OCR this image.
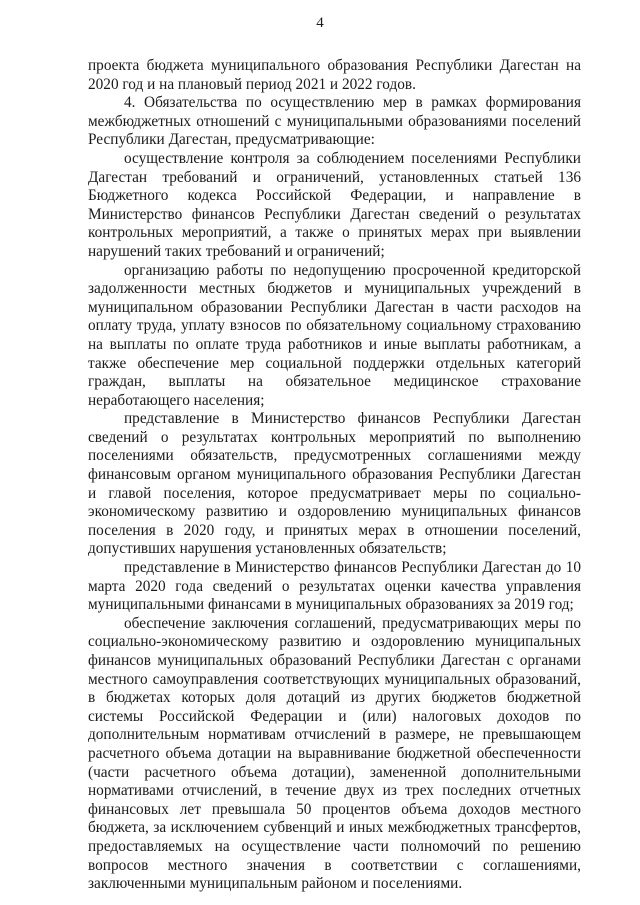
4

проекта бюджета муниципального образования Республики Дагестан на 2020 год и на плановый период 2021 и 2022 годов.

4. Обязательства по осуществлению мер в рамках формирования межбюджетных отношений с муниципальными образованиями поселений Республики Дагестан, предусматривающие:

осуществление контроля за соблюдением поселениями Республики Дагестан требований и ограничений, установленных статьей 136 Бюджетного кодекса Российской Федерации, и направление в Министерство финансов Республики Дагестан сведений о результатах контрольных мероприятий, а также о принятых мерах при выявлении нарушений таких требований и ограничений;

организацию работы по недопущению просроченной кредиторской задолженности местных бюджетов и муниципальных учреждений в муниципальном образовании Республики Дагестан в части расходов на оплату труда, уплату взносов по обязательному социальному страхованию на выплаты по оплате труда работников и иные выплаты работникам, а также обеспечение мер социальной поддержки отдельных категорий граждан, выплаты на обязательное медицинское страхование неработающего населения;

представление в Министерство финансов Республики Дагестан сведений о результатах контрольных мероприятий по выполнению поселениями обязательств, предусмотренных соглашениями между финансовым органом муниципального образования Республики Дагестан и главой поселения, которое предусматривает меры по социально-экономическому развитию и оздоровлению муниципальных финансов поселения в 2020 году, и принятых мерах в отношении поселений, допустивших нарушения установленных обязательств;

представление в Министерство финансов Республики Дагестан до 10 марта 2020 года сведений о результатах оценки качества управления муниципальными финансами в муниципальных образованиях за 2019 год;

обеспечение заключения соглашений, предусматривающих меры по социально-экономическому развитию и оздоровлению муниципальных финансов муниципальных образований Республики Дагестан с органами местного самоуправления соответствующих муниципальных образований, в бюджетах которых доля дотаций из других бюджетов бюджетной системы Российской Федерации и (или) налоговых доходов по дополнительным нормативам отчислений в размере, не превышающем расчетного объема дотации на выравнивание бюджетной обеспеченности (части расчетного объема дотации), замененной дополнительными нормативами отчислений, в течение двух из трех последних отчетных финансовых лет превышала 50 процентов объема доходов местного бюджета, за исключением субвенций и иных межбюджетных трансфертов, предоставляемых на осуществление части полномочий по решению вопросов местного значения в соответствии с соглашениями, заключенными муниципальным районом и поселениями.
